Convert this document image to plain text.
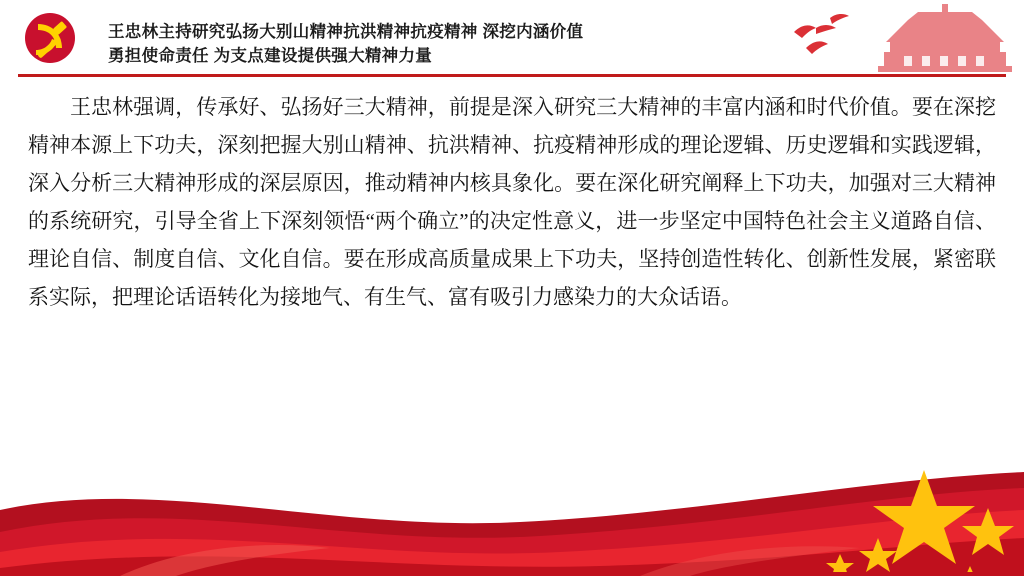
王忠林主持研究弘扬大别山精神抗洪精神抗疫精神 深挖内涵价值
勇担使命责任 为支点建设提供强大精神力量
王忠林强调，传承好、弘扬好三大精神，前提是深入研究三大精神的丰富内涵和时代价值。要在深挖精神本源上下功夫，深刻把握大别山精神、抗洪精神、抗疫精神形成的理论逻辑、历史逻辑和实践逻辑，深入分析三大精神形成的深层原因，推动精神内核具象化。要在深化研究阐释上下功夫，加强对三大精神的系统研究，引导全省上下深刻领悟“两个确立”的决定性意义，进一步坚定中国特色社会主义道路自信、理论自信、制度自信、文化自信。要在形成高质量成果上下功夫，坚持创造性转化、创新性发展，紧密联系实际，把理论话语转化为接地气、有生气、富有吸引力感染力的大众话语。
